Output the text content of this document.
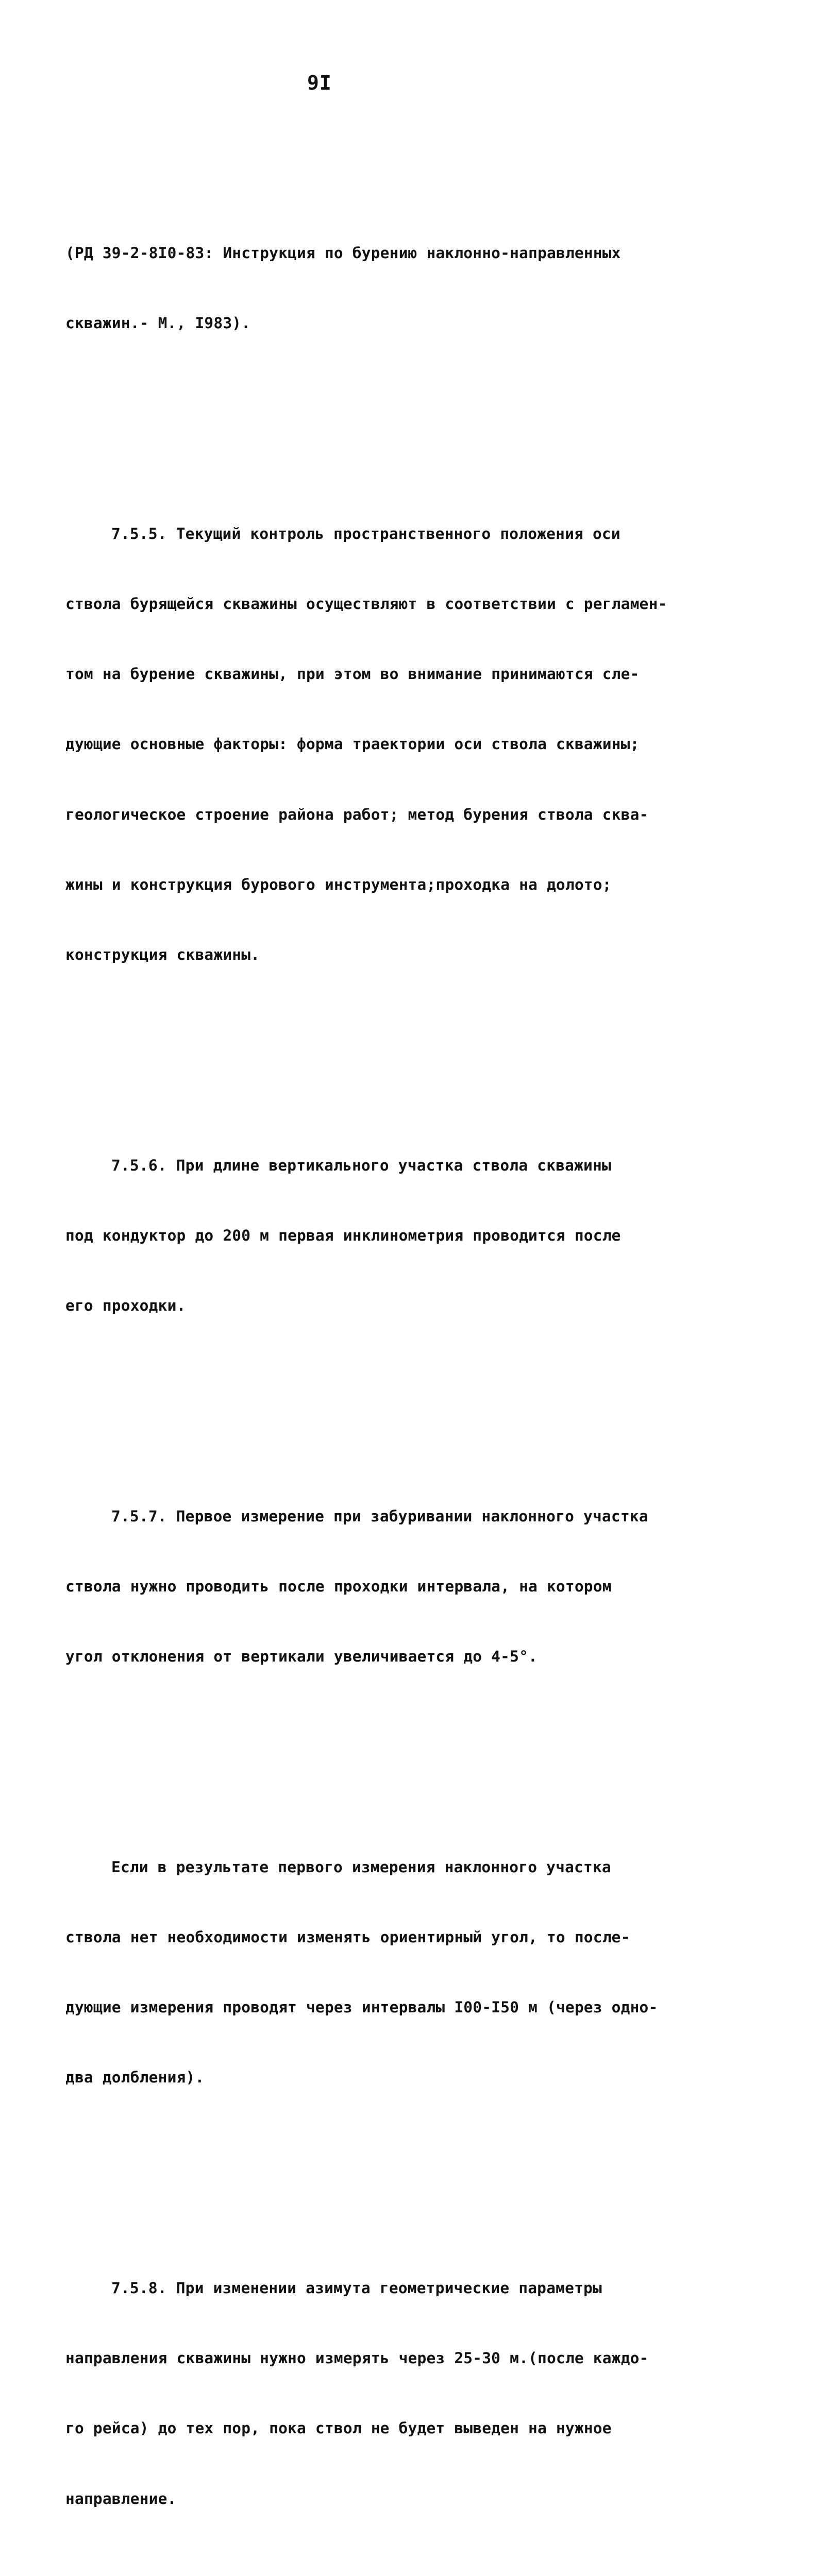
9I

(РД 39-2-8I0-83: Инструкция по бурению наклонно-направленных

скважин.- М., I983).

7.5.5. Текущий контроль пространственного положения оси

ствола бурящейся скважины осуществляют в соответствии с регламен-

том на бурение скважины, при этом во внимание принимаются сле-

дующие основные факторы: форма траектории оси ствола скважины;

геологическое строение района работ; метод бурения ствола сква-

жины и конструкция бурового инструмента;проходка на долото;

конструкция скважины.

7.5.6. При длине вертикального участка ствола скважины

под кондуктор до 200 м первая инклинометрия проводится после

его проходки.

7.5.7. Первое измерение при забуривании наклонного участка

ствола нужно проводить после проходки интервала, на котором

угол отклонения от вертикали увеличивается до 4-5°.

Если в результате первого измерения наклонного участка

ствола нет необходимости изменять ориентирный угол, то после-

дующие измерения проводят через интервалы I00-I50 м (через одно-

два долбления).

7.5.8. При изменении азимута геометрические параметры

направления скважины нужно измерять через 25-30 м.(после каждо-

го рейса) до тех пор, пока ствол не будет выведен на нужное

направление.
